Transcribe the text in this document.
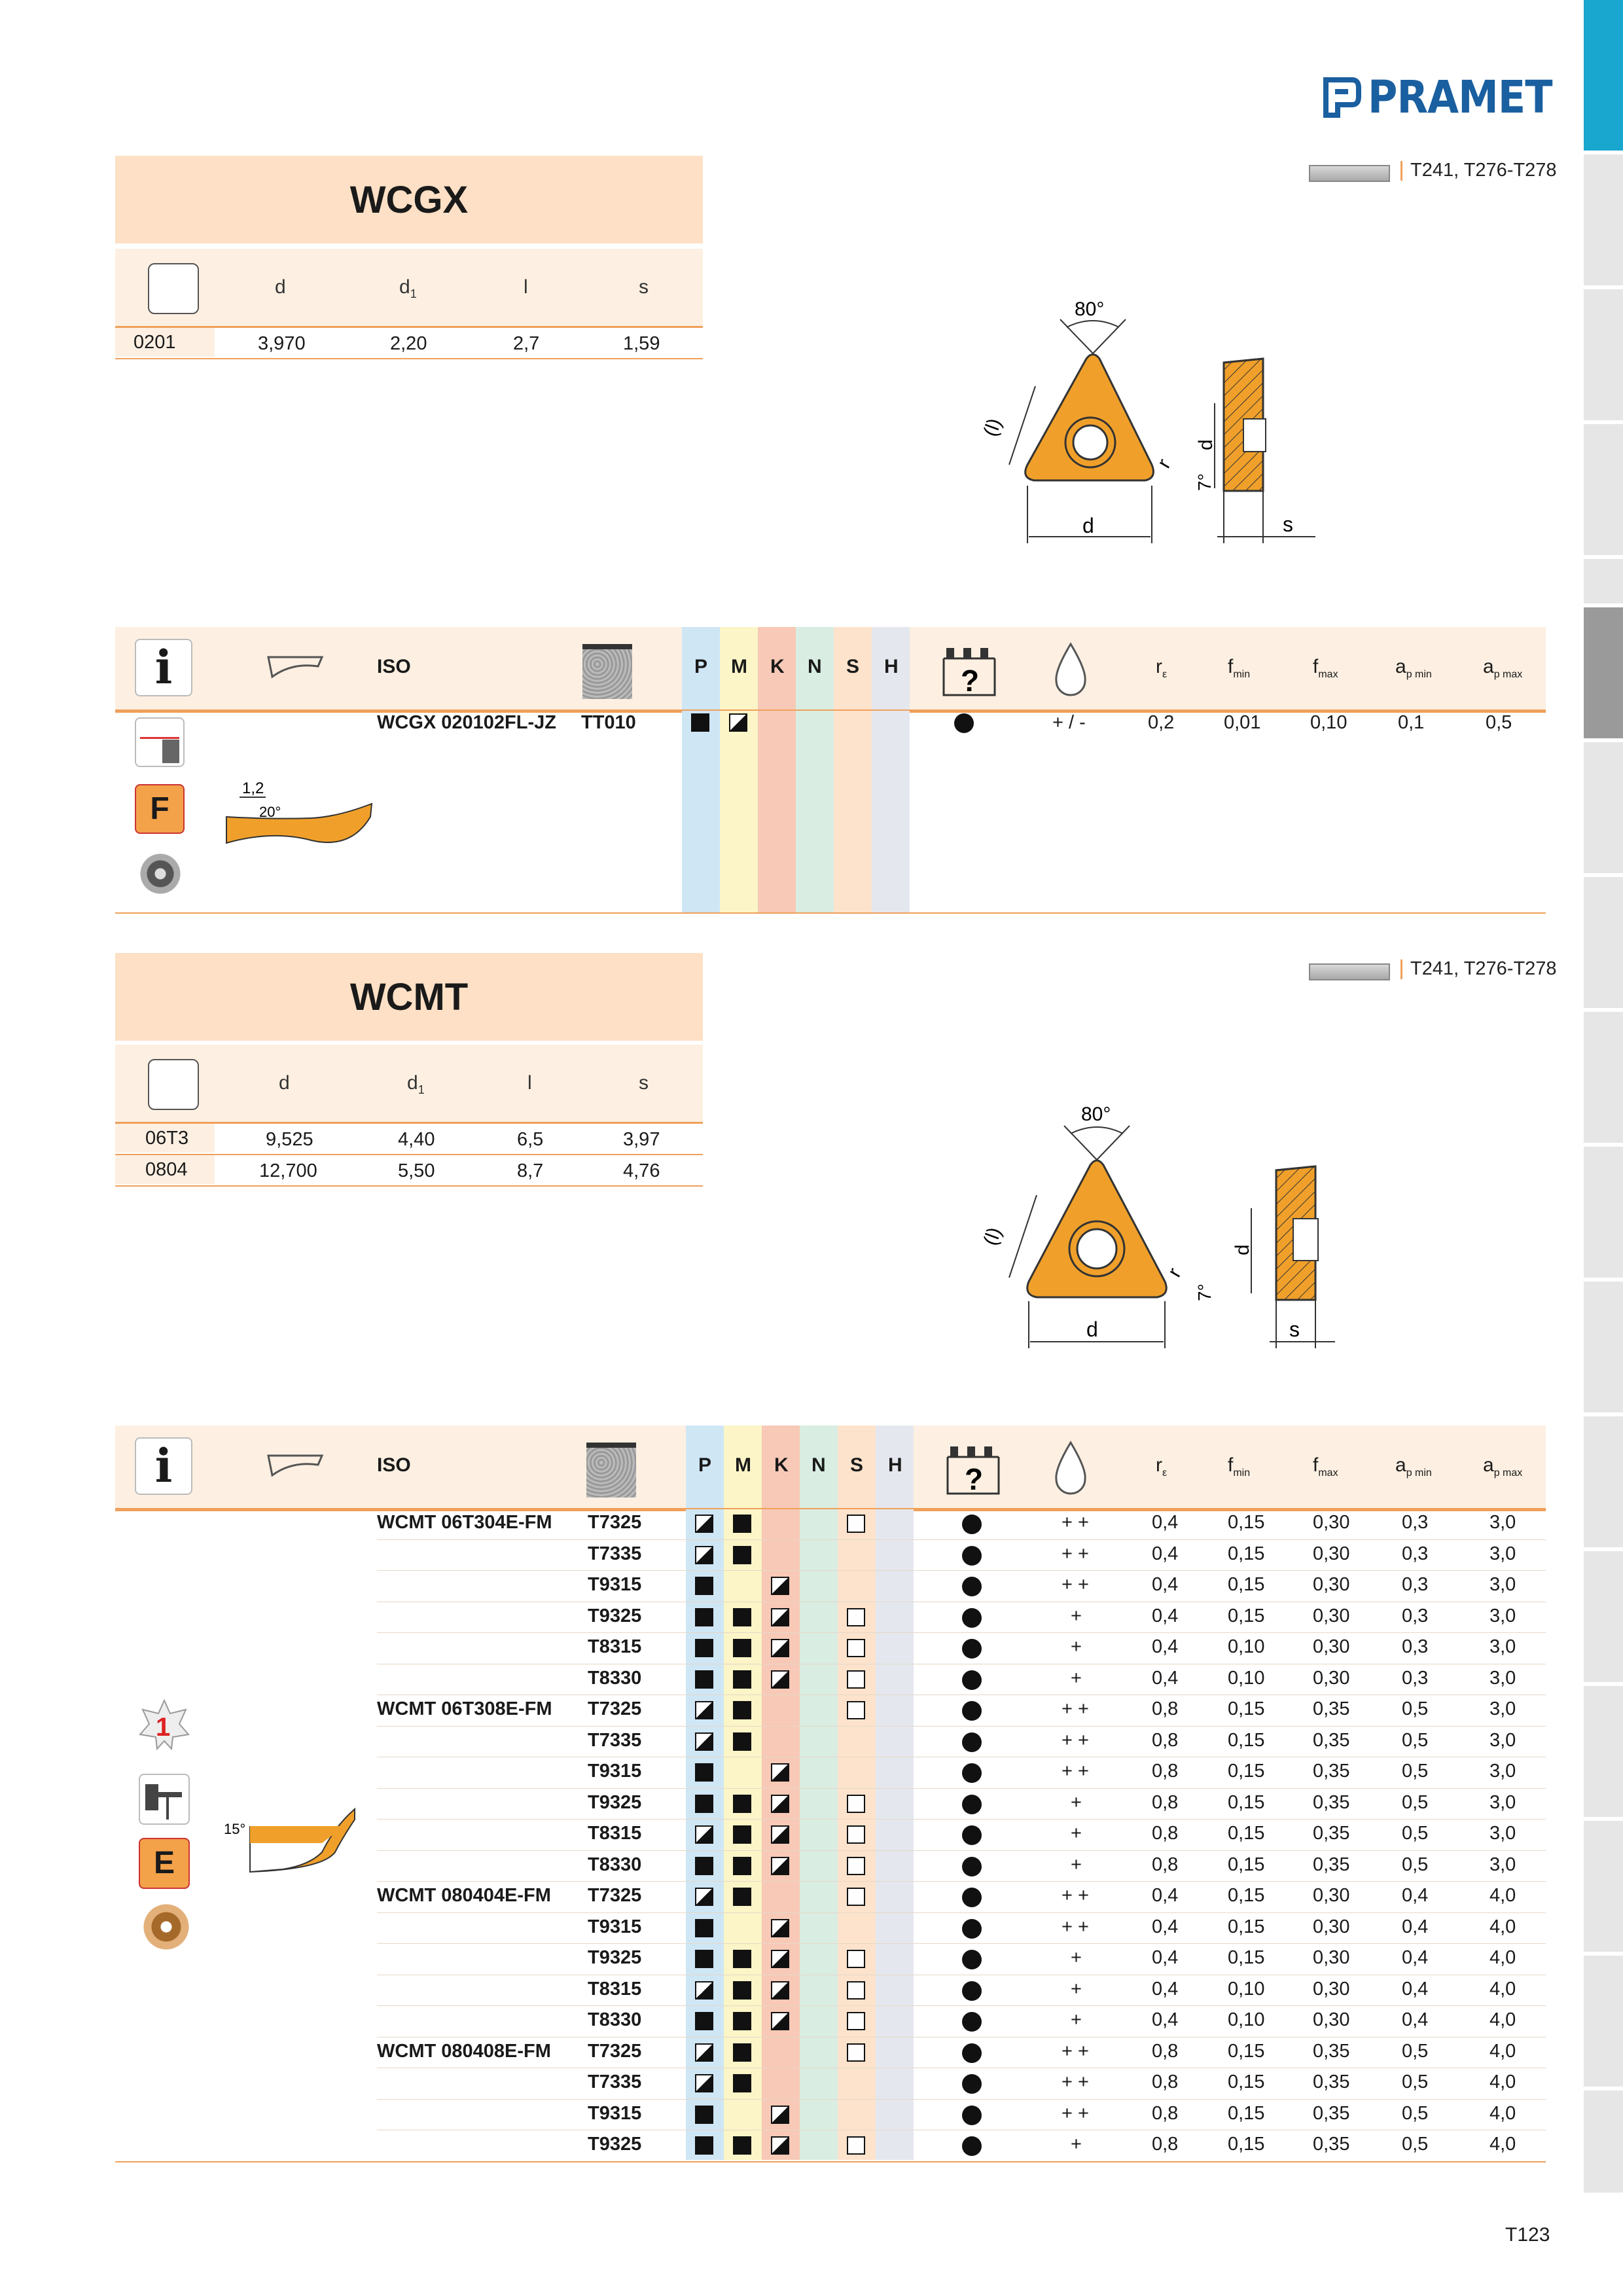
PRAMET
WCGX
d	$d_1$	l	s
0201	3,970	2,20	2,7	1,59
T241, T276-T278
80°
d
(l)
r
7°
d
s
i	ISO	P M K N S H ?	$r_\varepsilon$	$f_{min}$	$f_{max}$	$a_{p min}$	$a_{p max}$
WCGX 020102FL-JZ TT010	+ / -	0,2	0,01	0,10	0,1	0,5
F
1,2
20°
WCMT
d	$d_1$	l	s
06T3	9,525	4,40	6,5	3,97
0804	12,700	5,50	8,7	4,76
T241, T276-T278
80°
d
(l)
r
7°
d
s
i	ISO	P M K N S H ?	$r_\varepsilon$	$f_{min}$	$f_{max}$	$a_{p min}$	$a_{p max}$
WCMT 06T304E-FM T7325	+ +	0,4	0,15	0,30	0,3	3,0
T7335	+ +	0,4	0,15	0,30	0,3	3,0
T9315	+ +	0,4	0,15	0,30	0,3	3,0
T9325	+	0,4	0,15	0,30	0,3	3,0
T8315	+	0,4	0,10	0,30	0,3	3,0
T8330	+	0,4	0,10	0,30	0,3	3,0
WCMT 06T308E-FM T7325	+ +	0,8	0,15	0,35	0,5	3,0
T7335	+ +	0,8	0,15	0,35	0,5	3,0
T9315	+ +	0,8	0,15	0,35	0,5	3,0
T9325	+	0,8	0,15	0,35	0,5	3,0
T8315	+	0,8	0,15	0,35	0,5	3,0
T8330	+	0,8	0,15	0,35	0,5	3,0
WCMT 080404E-FM T7325	+ +	0,4	0,15	0,30	0,4	4,0
T9315	+ +	0,4	0,15	0,30	0,4	4,0
T9325	+	0,4	0,15	0,30	0,4	4,0
T8315	+	0,4	0,10	0,30	0,4	4,0
T8330	+	0,4	0,10	0,30	0,4	4,0
WCMT 080408E-FM T7325	+ +	0,8	0,15	0,35	0,5	4,0
T7335	+ +	0,8	0,15	0,35	0,5	4,0
T9315	+ +	0,8	0,15	0,35	0,5	4,0
T9325	+	0,8	0,15	0,35	0,5	4,0
1
E
15°
T123
